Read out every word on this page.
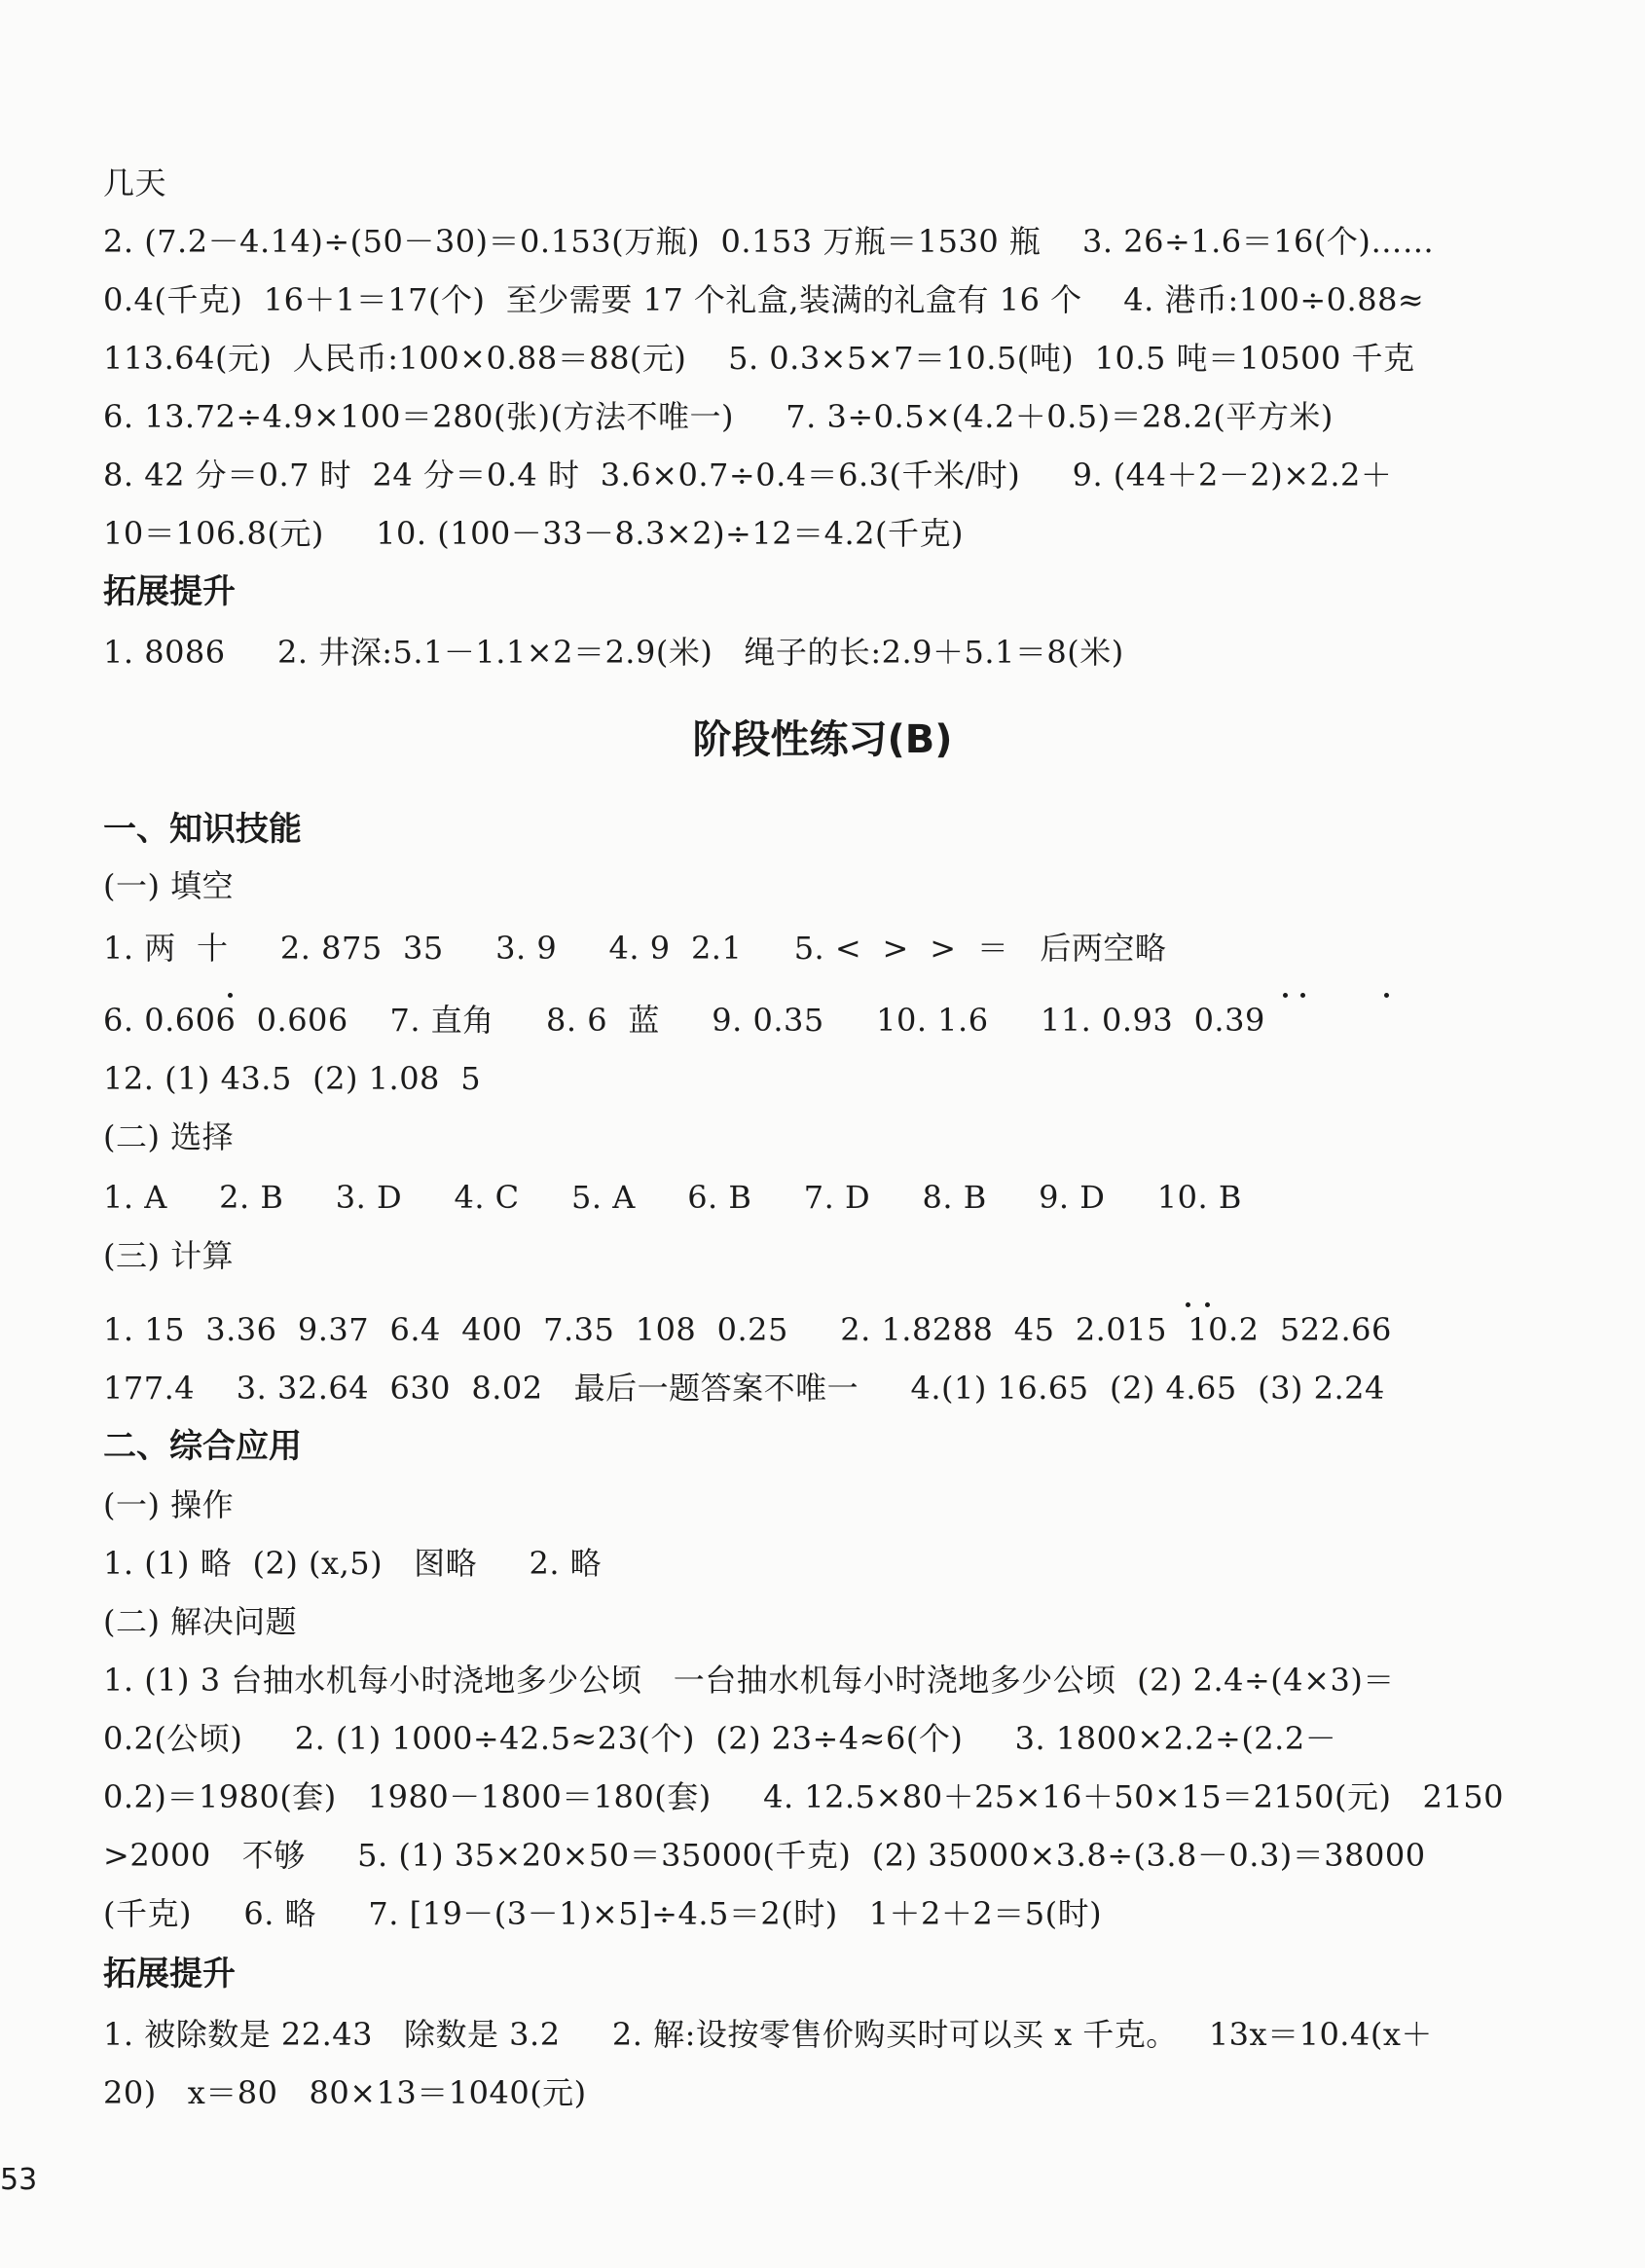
几天
2. (7.2－4.14)÷(50－30)＝0.153(万瓶)  0.153 万瓶＝1530 瓶    3. 26÷1.6＝16(个)……
0.4(千克)  16＋1＝17(个)  至少需要 17 个礼盒,装满的礼盒有 16 个    4. 港币:100÷0.88≈
113.64(元)  人民币:100×0.88＝88(元)    5. 0.3×5×7＝10.5(吨)  10.5 吨＝10500 千克
6. 13.72÷4.9×100＝280(张)(方法不唯一)     7. 3÷0.5×(4.2＋0.5)＝28.2(平方米)
8. 42 分＝0.7 时  24 分＝0.4 时  3.6×0.7÷0.4＝6.3(千米/时)     9. (44＋2－2)×2.2＋
10＝106.8(元)     10. (100－33－8.3×2)÷12＝4.2(千克)
拓展提升
1. 8086     2. 井深:5.1－1.1×2＝2.9(米)   绳子的长:2.9＋5.1＝8(米)
阶段性练习(B)
一、知识技能
(一) 填空
1. 两  十     2. 875  35     3. 9     4. 9  2.1     5. <  >  >  ＝   后两空略
6. 0.606  0.606    7. 直角     8. 6  蓝     9. 0.35     10. 1.6     11. 0.93  0.39
12. (1) 43.5  (2) 1.08  5
(二) 选择
1. A     2. B     3. D     4. C     5. A     6. B     7. D     8. B     9. D     10. B
(三) 计算
1. 15  3.36  9.37  6.4  400  7.35  108  0.25     2. 1.8288  45  2.015  10.2  522.66
177.4    3. 32.64  630  8.02   最后一题答案不唯一     4.(1) 16.65  (2) 4.65  (3) 2.24
二、综合应用
(一) 操作
1. (1) 略  (2) (x,5)   图略     2. 略
(二) 解决问题
1. (1) 3 台抽水机每小时浇地多少公顷   一台抽水机每小时浇地多少公顷  (2) 2.4÷(4×3)＝
0.2(公顷)     2. (1) 1000÷42.5≈23(个)  (2) 23÷4≈6(个)     3. 1800×2.2÷(2.2－
0.2)＝1980(套)   1980－1800＝180(套)     4. 12.5×80＋25×16＋50×15＝2150(元)   2150
>2000   不够     5. (1) 35×20×50＝35000(千克)  (2) 35000×3.8÷(3.8－0.3)＝38000
(千克)     6. 略     7. [19－(3－1)×5]÷4.5＝2(时)   1＋2＋2＝5(时)
拓展提升
1. 被除数是 22.43   除数是 3.2     2. 解:设按零售价购买时可以买 x 千克。   13x＝10.4(x＋
20)   x＝80   80×13＝1040(元)
53
